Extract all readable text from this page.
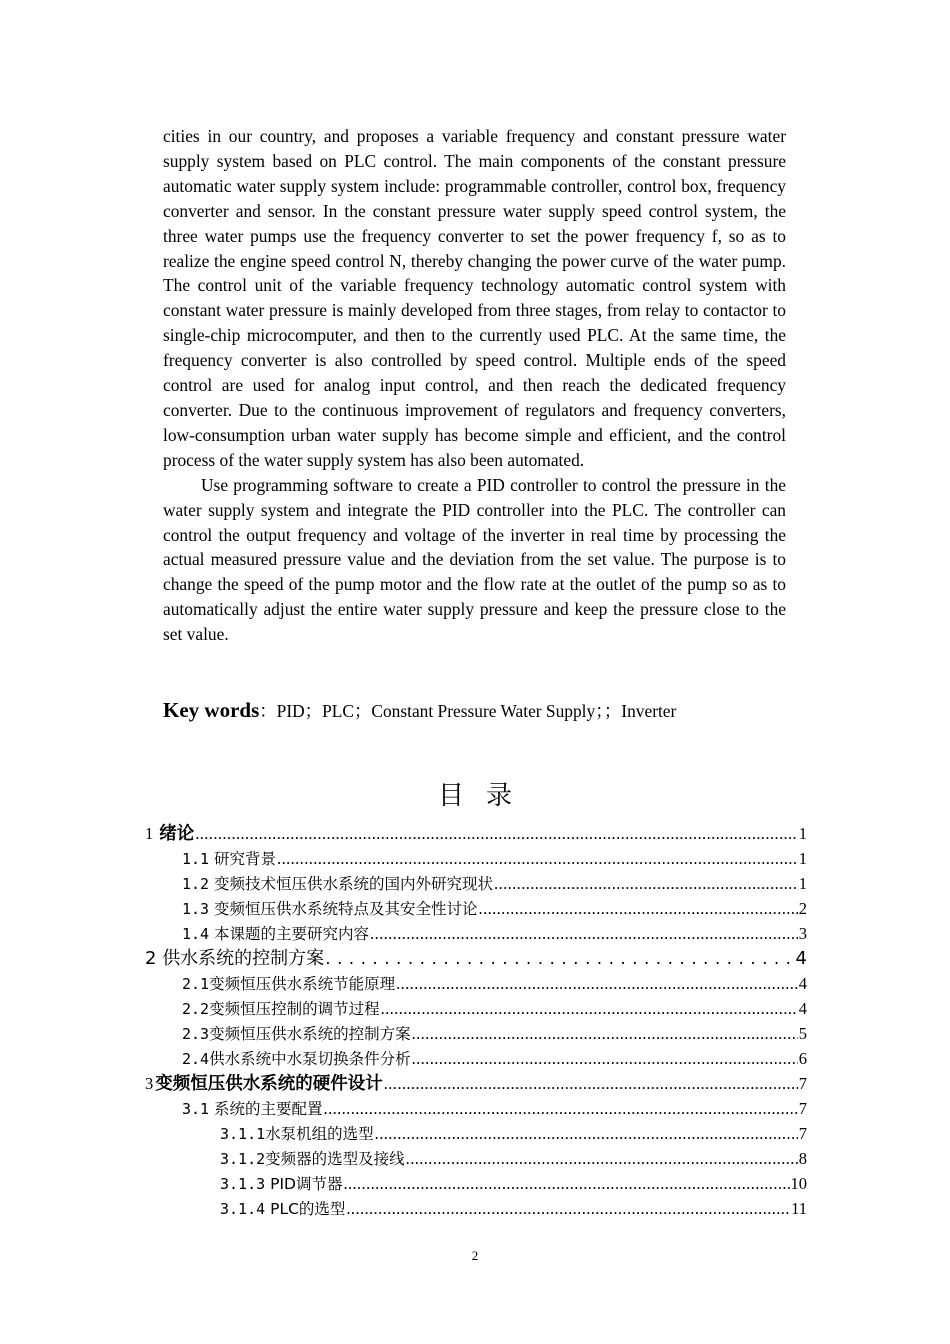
cities in our country, and proposes a variable frequency and constant pressure water supply system based on PLC control. The main components of the constant pressure automatic water supply system include: programmable controller, control box, frequency converter and sensor. In the constant pressure water supply speed control system, the three water pumps use the frequency converter to set the power frequency f, so as to realize the engine speed control N, thereby changing the power curve of the water pump. The control unit of the variable frequency technology automatic control system with constant water pressure is mainly developed from three stages, from relay to contactor to single-chip microcomputer, and then to the currently used PLC. At the same time, the frequency converter is also controlled by speed control. Multiple ends of the speed control are used for analog input control, and then reach the dedicated frequency converter. Due to the continuous improvement of regulators and frequency converters, low-consumption urban water supply has become simple and efficient, and the control process of the water supply system has also been automated.

Use programming software to create a PID controller to control the pressure in the water supply system and integrate the PID controller into the PLC. The controller can control the output frequency and voltage of the inverter in real time by processing the actual measured pressure value and the deviation from the set value. The purpose is to change the speed of the pump motor and the flow rate at the outlet of the pump so as to automatically adjust the entire water supply pressure and keep the pressure close to the set value.

Key words：PID；PLC；Constant Pressure Water Supply；；Inverter
目录
1 绪论 .....	1
1.1 研究背景 .....	1
1.2 变频技术恒压供水系统的国内外研究现状 .....	1
1.3 变频恒压供水系统特点及其安全性讨论 .....	2
1.4 本课题的主要研究内容 .....	3
2 供水系统的控制方案 . . .	4
2.1变频恒压供水系统节能原理 .....	4
2.2变频恒压控制的调节过程 .....	4
2.3变频恒压供水系统的控制方案 .....	5
2.4供水系统中水泵切换条件分析 .....	6
3 变频恒压供水系统的硬件设计 .....	7
3.1 系统的主要配置 .....	7
3.1.1水泵机组的选型 .....	7
3.1.2变频器的选型及接线 .....	8
3.1.3 PID调节器 .....	10
3.1.4 PLC的选型 .....	11
2
